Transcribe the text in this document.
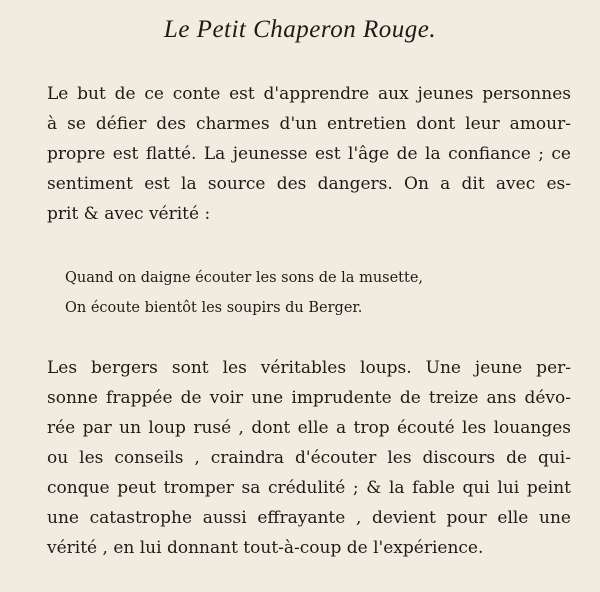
Le Petit Chaperon Rouge.
Le but de ce conte est d'apprendre aux jeunes personnes
à se défier des charmes d'un entretien dont leur amour-
propre est flatté. La jeunesse est l'âge de la confiance ; ce
sentiment est la source des dangers. On a dit avec es-
prit & avec vérité :
Quand on daigne écouter les sons de la musette,
On écoute bientôt les soupirs du Berger.
Les bergers sont les véritables loups. Une jeune per-
sonne frappée de voir une imprudente de treize ans dévo-
rée par un loup rusé , dont elle a trop écouté les louanges
ou les conseils , craindra d'écouter les discours de qui-
conque peut tromper sa crédulité ; & la fable qui lui peint
une catastrophe aussi effrayante , devient pour elle une
vérité , en lui donnant tout-à-coup de l'expérience.
